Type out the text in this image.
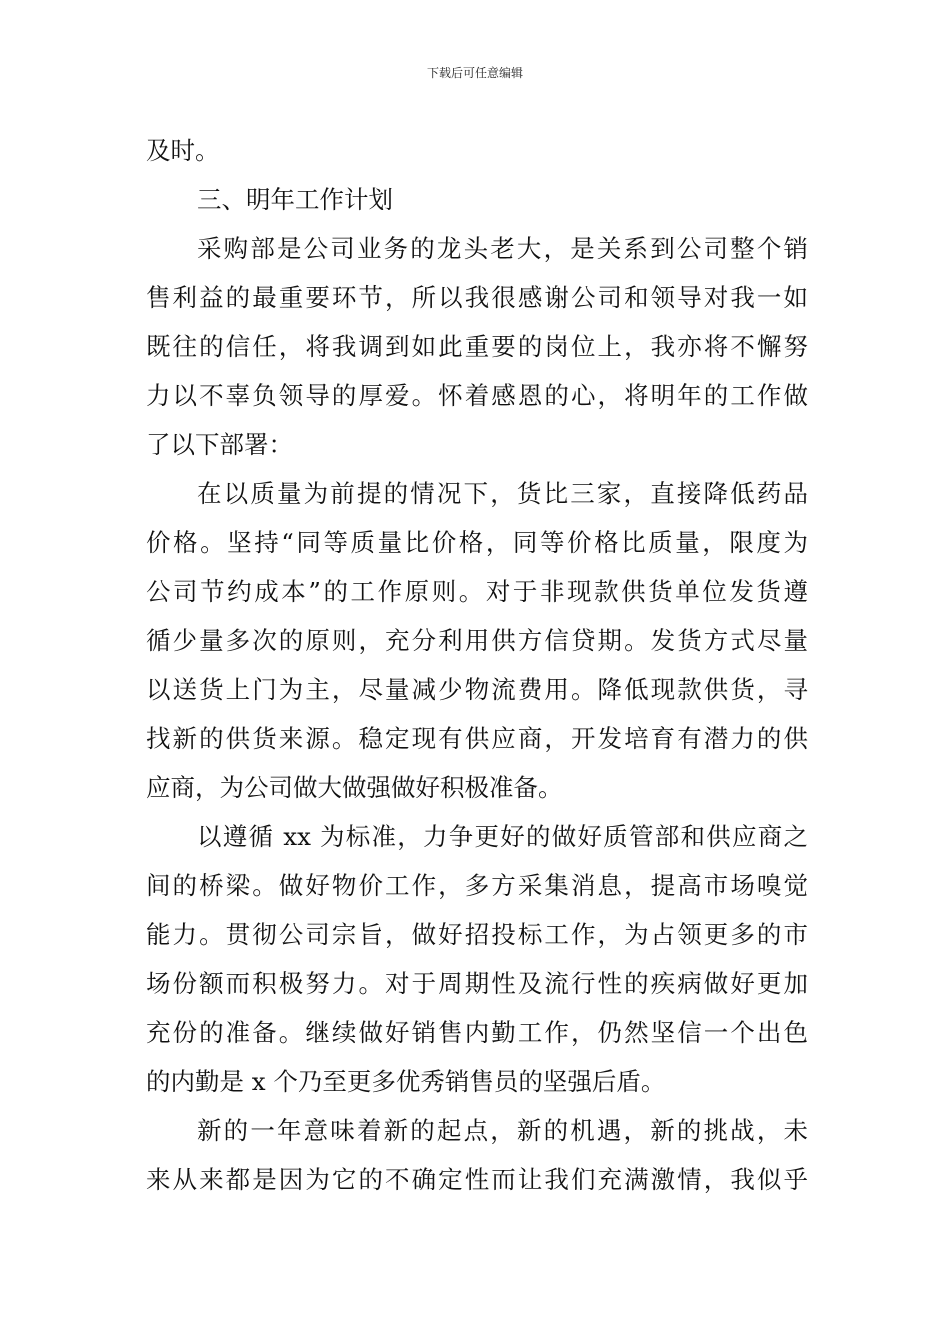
下载后可任意编辑
及时。
三、明年工作计划
采购部是公司业务的龙头老大，是关系到公司整个销
售利益的最重要环节，所以我很感谢公司和领导对我一如
既往的信任，将我调到如此重要的岗位上，我亦将不懈努
力以不辜负领导的厚爱。怀着感恩的心，将明年的工作做
了以下部署：
在以质量为前提的情况下，货比三家，直接降低药品
价格。坚持“同等质量比价格，同等价格比质量，限度为
公司节约成本”的工作原则。对于非现款供货单位发货遵
循少量多次的原则，充分利用供方信贷期。发货方式尽量
以送货上门为主，尽量减少物流费用。降低现款供货，寻
找新的供货来源。稳定现有供应商，开发培育有潜力的供
应商，为公司做大做强做好积极准备。
以遵循 xx 为标准，力争更好的做好质管部和供应商之
间的桥梁。做好物价工作，多方采集消息，提高市场嗅觉
能力。贯彻公司宗旨，做好招投标工作，为占领更多的市
场份额而积极努力。对于周期性及流行性的疾病做好更加
充份的准备。继续做好销售内勤工作，仍然坚信一个出色
的内勤是 x 个乃至更多优秀销售员的坚强后盾。
新的一年意味着新的起点，新的机遇，新的挑战，未
来从来都是因为它的不确定性而让我们充满激情，我似乎
